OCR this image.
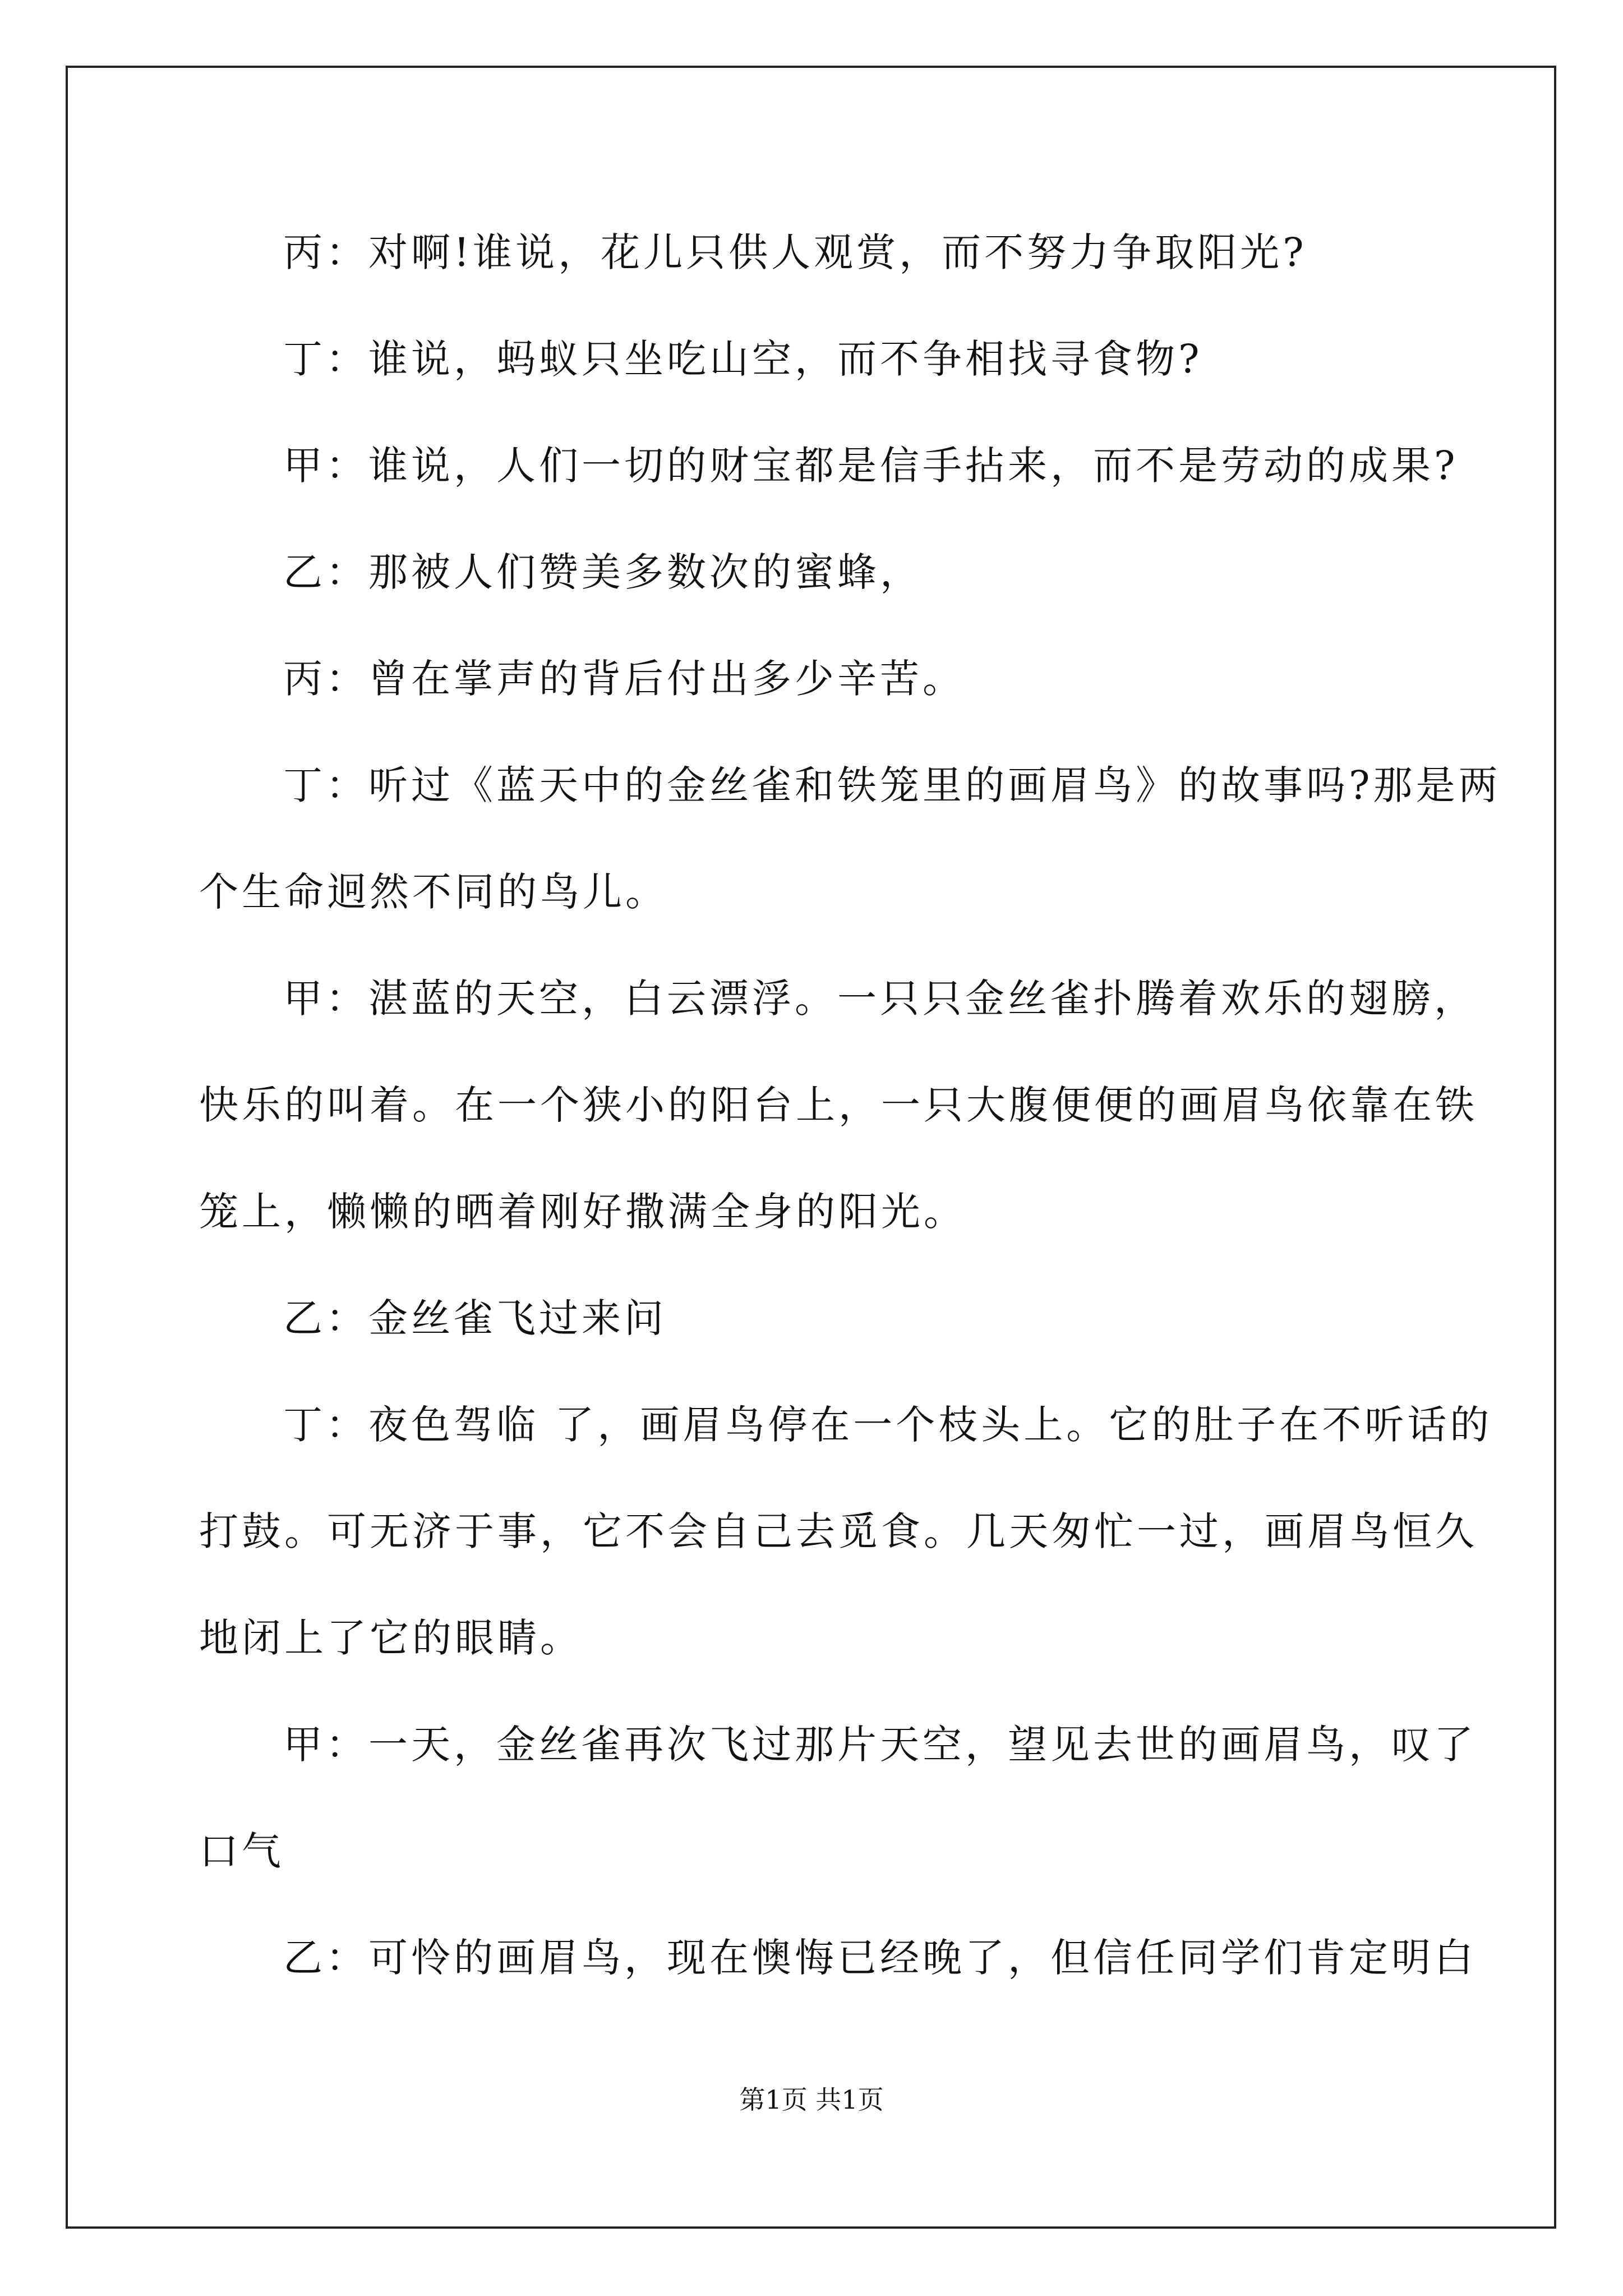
丙：对啊!谁说，花儿只供人观赏，而不努力争取阳光?

丁：谁说，蚂蚁只坐吃山空，而不争相找寻食物?

甲：谁说，人们一切的财宝都是信手拈来，而不是劳动的成果?

乙：那被人们赞美多数次的蜜蜂，

丙：曾在掌声的背后付出多少辛苦。

丁：听过《蓝天中的金丝雀和铁笼里的画眉鸟》的故事吗?那是两

个生命迥然不同的鸟儿。

甲：湛蓝的天空，白云漂浮。一只只金丝雀扑腾着欢乐的翅膀，

快乐的叫着。在一个狭小的阳台上，一只大腹便便的画眉鸟依靠在铁

笼上，懒懒的晒着刚好撒满全身的阳光。

乙：金丝雀飞过来问

丁：夜色驾临 了，画眉鸟停在一个枝头上。它的肚子在不听话的

打鼓。可无济于事，它不会自己去觅食。几天匆忙一过，画眉鸟恒久

地闭上了它的眼睛。

甲：一天，金丝雀再次飞过那片天空，望见去世的画眉鸟，叹了

口气

乙：可怜的画眉鸟，现在懊悔已经晚了，但信任同学们肯定明白

第1页 共1页
